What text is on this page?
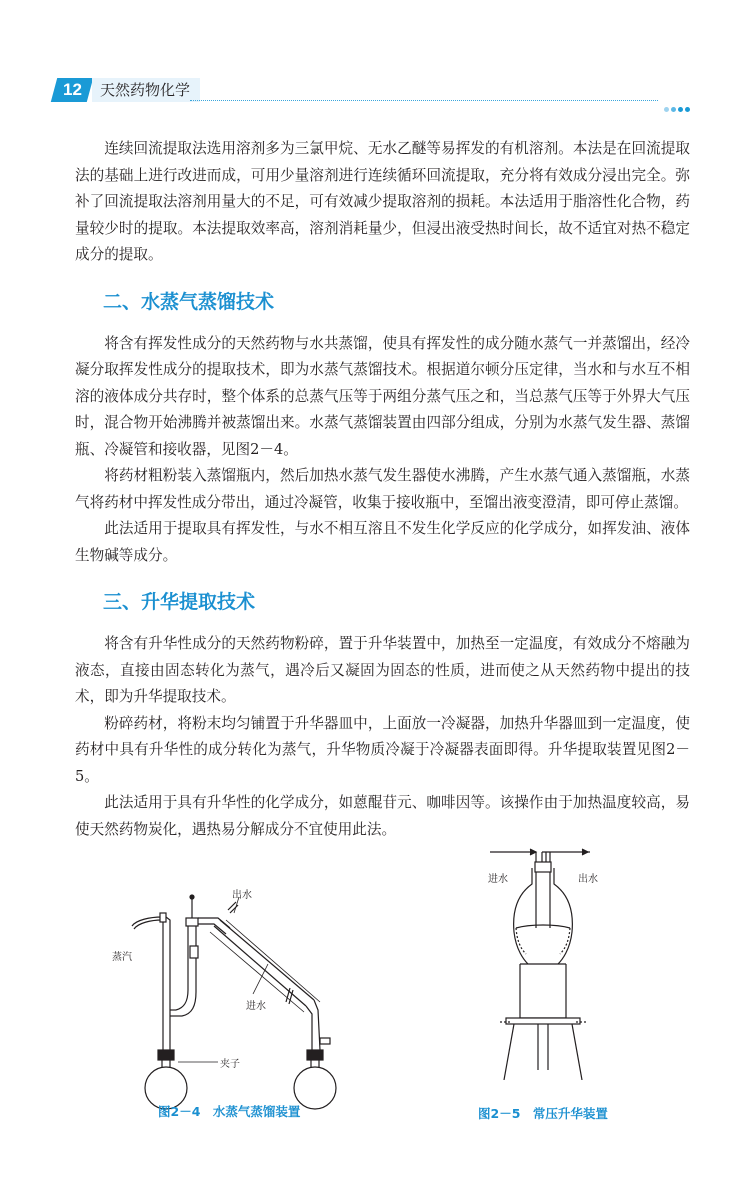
12	天然药物化学

连续回流提取法选用溶剂多为三氯甲烷、无水乙醚等易挥发的有机溶剂。本法是在回流提取法的基础上进行改进而成，可用少量溶剂进行连续循环回流提取，充分将有效成分浸出完全。弥补了回流提取法溶剂用量大的不足，可有效减少提取溶剂的损耗。本法适用于脂溶性化合物，药量较少时的提取。本法提取效率高，溶剂消耗量少，但浸出液受热时间长，故不适宜对热不稳定成分的提取。

二、水蒸气蒸馏技术

将含有挥发性成分的天然药物与水共蒸馏，使具有挥发性的成分随水蒸气一并蒸馏出，经冷凝分取挥发性成分的提取技术，即为水蒸气蒸馏技术。根据道尔顿分压定律，当水和与水互不相溶的液体成分共存时，整个体系的总蒸气压等于两组分蒸气压之和，当总蒸气压等于外界大气压时，混合物开始沸腾并被蒸馏出来。水蒸气蒸馏装置由四部分组成，分别为水蒸气发生器、蒸馏瓶、冷凝管和接收器，见图2－4。

将药材粗粉装入蒸馏瓶内，然后加热水蒸气发生器使水沸腾，产生水蒸气通入蒸馏瓶，水蒸气将药材中挥发性成分带出，通过冷凝管，收集于接收瓶中，至馏出液变澄清，即可停止蒸馏。

此法适用于提取具有挥发性，与水不相互溶且不发生化学反应的化学成分，如挥发油、液体生物碱等成分。

三、升华提取技术

将含有升华性成分的天然药物粉碎，置于升华装置中，加热至一定温度，有效成分不熔融为液态，直接由固态转化为蒸气，遇冷后又凝固为固态的性质，进而使之从天然药物中提出的技术，即为升华提取技术。

粉碎药材，将粉末均匀铺置于升华器皿中，上面放一冷凝器，加热升华器皿到一定温度，使药材中具有升华性的成分转化为蒸气，升华物质冷凝于冷凝器表面即得。升华提取装置见图2－5。

此法适用于具有升华性的化学成分，如蒽醌苷元、咖啡因等。该操作由于加热温度较高，易使天然药物炭化，遇热易分解成分不宜使用此法。

蒸汽
出水
进水
夹子
图2－4　水蒸气蒸馏装置
进水	出水
图2－5　常压升华装置
